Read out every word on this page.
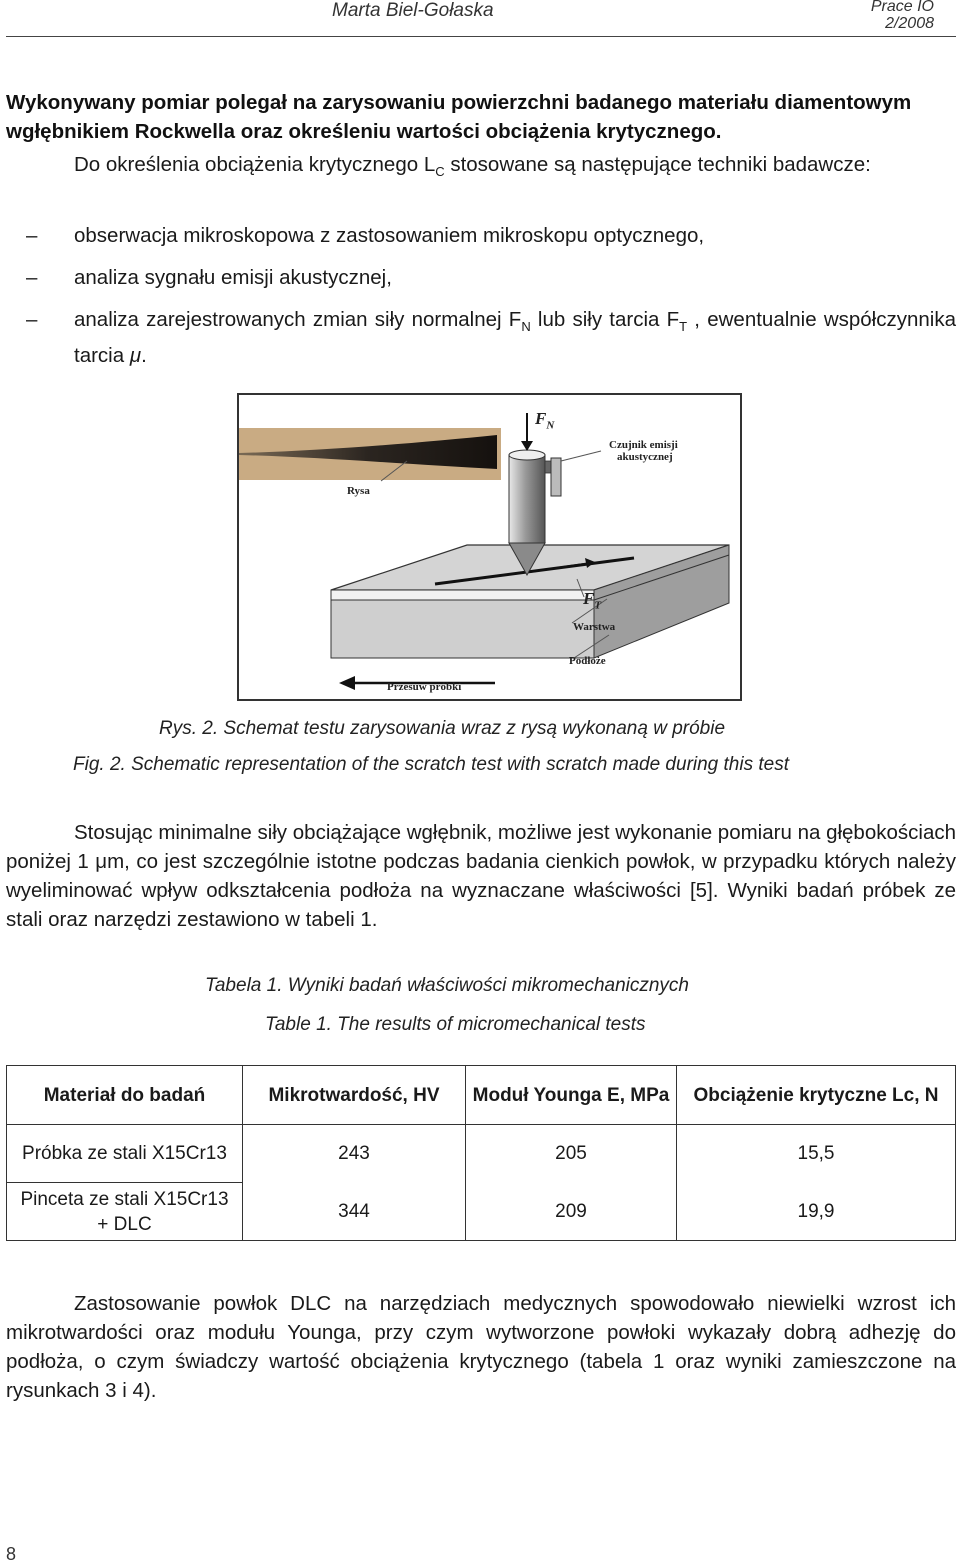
Marta Biel-Gołaska	Prace IO
2/2008
Wykonywany pomiar polegał na zarysowaniu powierzchni badanego materiału diamentowym wgłębnikiem Rockwella oraz określeniu wartości obciążenia krytycznego.
Do określenia obciążenia krytycznego $L_C$ stosowane są następujące techniki badawcze:
– obserwacja mikroskopowa z zastosowaniem mikroskopu optycznego,
– analiza sygnału emisji akustycznej,
– analiza zarejestrowanych zmian siły normalnej $F_N$ lub siły tarcia $F_T$ , ewentualnie współczynnika tarcia μ.
$F_N$
Czujnik emisji
akustycznej
Rysa
$F_T$
Warstwa
Podłoże
Przesuw próbki
Rys. 2. Schemat testu zarysowania wraz z rysą wykonaną w próbie
Fig. 2. Schematic representation of the scratch test with scratch made during this test
Stosując minimalne siły obciążające wgłębnik, możliwe jest wykonanie pomiaru na głębokościach poniżej 1 μm, co jest szczególnie istotne podczas badania cienkich powłok, w przypadku których należy wyeliminować wpływ odkształcenia podłoża na wyznaczane właściwości [5]. Wyniki badań próbek ze stali oraz narzędzi zestawiono w tabeli 1.
Tabela 1. Wyniki badań właściwości mikromechanicznych
Table 1. The results of micromechanical tests
Materiał do badań	Mikrotwardość, HV	Moduł Younga E, MPa	Obciążenie krytyczne Lc, N
Próbka ze stali X15Cr13	243	205	15,5
Pinceta ze stali X15Cr13 + DLC	344	209	19,9
Zastosowanie powłok DLC na narzędziach medycznych spowodowało niewielki wzrost ich mikrotwardości oraz modułu Younga, przy czym wytworzone powłoki wykazały dobrą adhezję do podłoża, o czym świadczy wartość obciążenia krytycznego (tabela 1 oraz wyniki zamieszczone na rysunkach 3 i 4).
8
